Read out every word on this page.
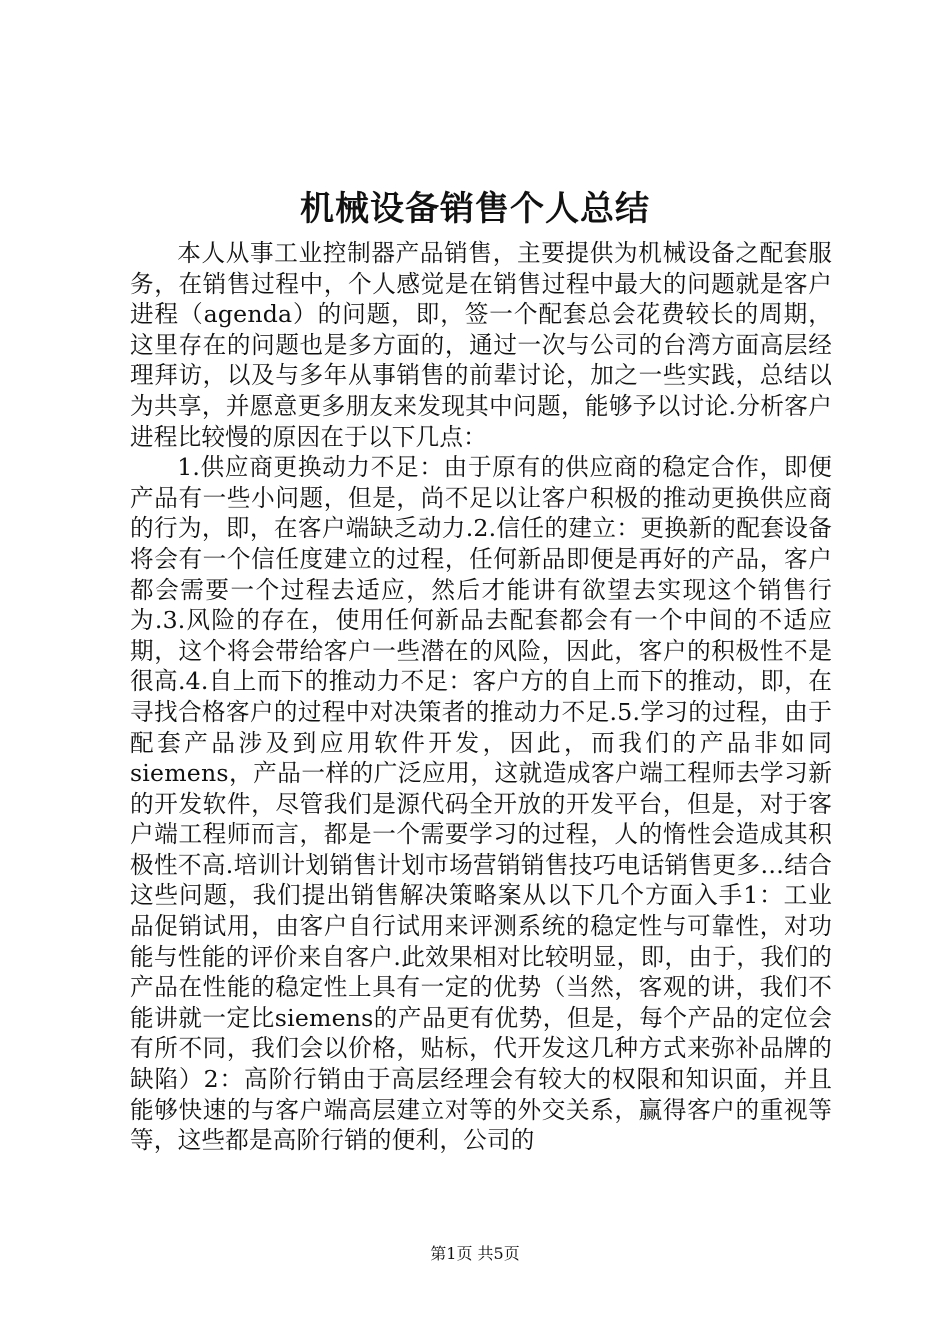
机械设备销售个人总结

本人从事工业控制器产品销售，主要提供为机械设备之配套服务，在销售过程中，个人感觉是在销售过程中最大的问题就是客户进程（agenda）的问题，即，签一个配套总会花费较长的周期，这里存在的问题也是多方面的，通过一次与公司的台湾方面高层经理拜访，以及与多年从事销售的前辈讨论，加之一些实践，总结以为共享，并愿意更多朋友来发现其中问题，能够予以讨论.分析客户进程比较慢的原因在于以下几点：

1.供应商更换动力不足：由于原有的供应商的稳定合作，即便产品有一些小问题，但是，尚不足以让客户积极的推动更换供应商的行为，即，在客户端缺乏动力.2.信任的建立：更换新的配套设备将会有一个信任度建立的过程，任何新品即便是再好的产品，客户都会需要一个过程去适应，然后才能讲有欲望去实现这个销售行为.3.风险的存在，使用任何新品去配套都会有一个中间的不适应期，这个将会带给客户一些潜在的风险，因此，客户的积极性不是很高.4.自上而下的推动力不足：客户方的自上而下的推动，即，在寻找合格客户的过程中对决策者的推动力不足.5.学习的过程，由于配套产品涉及到应用软件开发，因此，而我们的产品非如同siemens，产品一样的广泛应用，这就造成客户端工程师去学习新的开发软件，尽管我们是源代码全开放的开发平台，但是，对于客户端工程师而言，都是一个需要学习的过程，人的惰性会造成其积极性不高.培训计划销售计划市场营销销售技巧电话销售更多…结合这些问题，我们提出销售解决策略案从以下几个方面入手1：工业品促销试用，由客户自行试用来评测系统的稳定性与可靠性，对功能与性能的评价来自客户.此效果相对比较明显，即，由于，我们的产品在性能的稳定性上具有一定的优势（当然，客观的讲，我们不能讲就一定比siemens的产品更有优势，但是，每个产品的定位会有所不同，我们会以价格，贴标，代开发这几种方式来弥补品牌的缺陷）2：高阶行销由于高层经理会有较大的权限和知识面，并且能够快速的与客户端高层建立对等的外交关系，赢得客户的重视等等，这些都是高阶行销的便利，公司的

第1页 共5页
